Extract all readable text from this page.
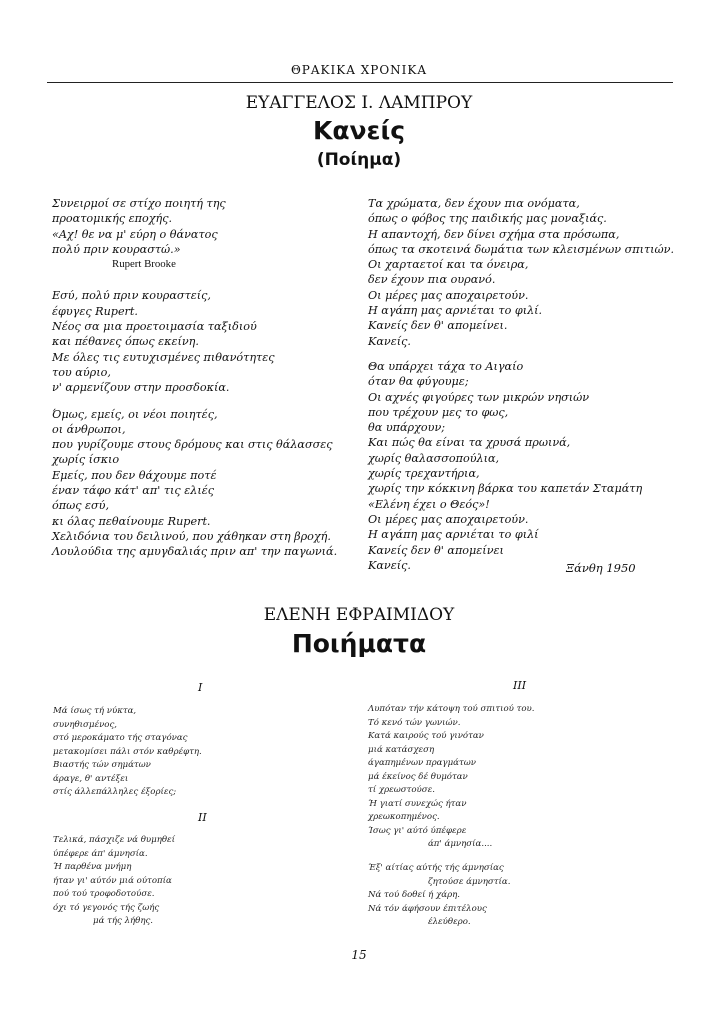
ΘΡΑΚΙΚΑ ΧΡΟΝΙΚΑ
ΕΥΑΓΓΕΛΟΣ Ι. ΛΑΜΠΡΟΥ
Κανείς
(Ποίημα)
Συνειρμοί σε στίχο ποιητή της
προατομικής εποχής.
«Αχ! θε να μ' εύρη ο θάνατος
πολύ πριν κουραστώ.»
Rupert Brooke
Εσύ, πολύ πριν κουραστείς,
έφυγες Rupert.
Νέος σα μια προετοιμασία ταξιδιού
και πέθανες όπως εκείνη.
Με όλες τις ευτυχισμένες πιθανότητες
του αύριο,
ν' αρμενίζουν στην προσδοκία.
Όμως, εμείς, οι νέοι ποιητές,
οι άνθρωποι,
που γυρίζουμε στους δρόμους και στις θάλασσες
χωρίς ίσκιο
Εμείς, που δεν θάχουμε ποτέ
έναν τάφο κάτ' απ' τις ελιές
όπως εσύ,
κι όλας πεθαίνουμε Rupert.
Χελιδόνια του δειλινού, που χάθηκαν στη βροχή.
Λουλούδια της αμυγδαλιάς πριν απ' την παγωνιά.
Τα χρώματα, δεν έχουν πια ονόματα,
όπως ο φόβος της παιδικής μας μοναξιάς.
Η απαντοχή, δεν δίνει σχήμα στα πρόσωπα,
όπως τα σκοτεινά δωμάτια των κλεισμένων σπιτιών.
Οι χαρταετοί και τα όνειρα,
δεν έχουν πια ουρανό.
Οι μέρες μας αποχαιρετούν.
Η αγάπη μας αρνιέται το φιλί.
Κανείς δεν θ' απομείνει.
Κανείς.
Θα υπάρχει τάχα το Αιγαίο
όταν θα φύγουμε;
Οι αχνές φιγούρες των μικρών νησιών
που τρέχουν μες το φως,
θα υπάρχουν;
Και πώς θα είναι τα χρυσά πρωινά,
χωρίς θαλασσοπούλια,
χωρίς τρεχαντήρια,
χωρίς την κόκκινη βάρκα του καπετάν Σταμάτη
«Ελένη έχει ο Θεός»!
Οι μέρες μας αποχαιρετούν.
Η αγάπη μας αρνιέται το φιλί
Κανείς δεν θ' απομείνει
Κανείς.	Ξάνθη 1950
ΕΛΕΝΗ ΕΦΡΑΙΜΙΔΟΥ
Ποιήματα
I
Μά ίσως τή νύκτα,
συνηθισμένος,
στό μεροκάματο τής σταγόνας
μετακομίσει πάλι στόν καθρέφτη.
Βιαστής τών σημάτων
άραγε, θ' αντέξει
στίς άλλεπάλληλες έξορίες;
II
Τελικά, πάσχιζε νά θυμηθεί
ύπέφερε άπ' άμνησία.
Ή παρθένα μνήμη
ήταν γι' αύτόν μιά ούτοπία
πού τού τροφοδοτούσε.
όχι τό γεγονός τής ζωής
μά τής λήθης.
III
Λυπόταν τήν κάτοψη τού σπιτιού του.
Τό κενό τών γωνιών.
Κατά καιρούς τού γινόταν
μιά κατάσχεση
άγαπημένων πραγμάτων
μά έκείνος δέ θυμόταν
τί χρεωστούσε.
Ή γιατί συνεχώς ήταν
χρεωκοπημένος.
Ίσως γι' αύτό ύπέφερε
άπ' άμνησία....
Έξ' αίτίας αύτής τής άμνησίας
ζητούσε άμνηστία.
Νά τού δοθεί ή χάρη.
Νά τόν άφήσουν έπιτέλους
έλεύθερο.
15
